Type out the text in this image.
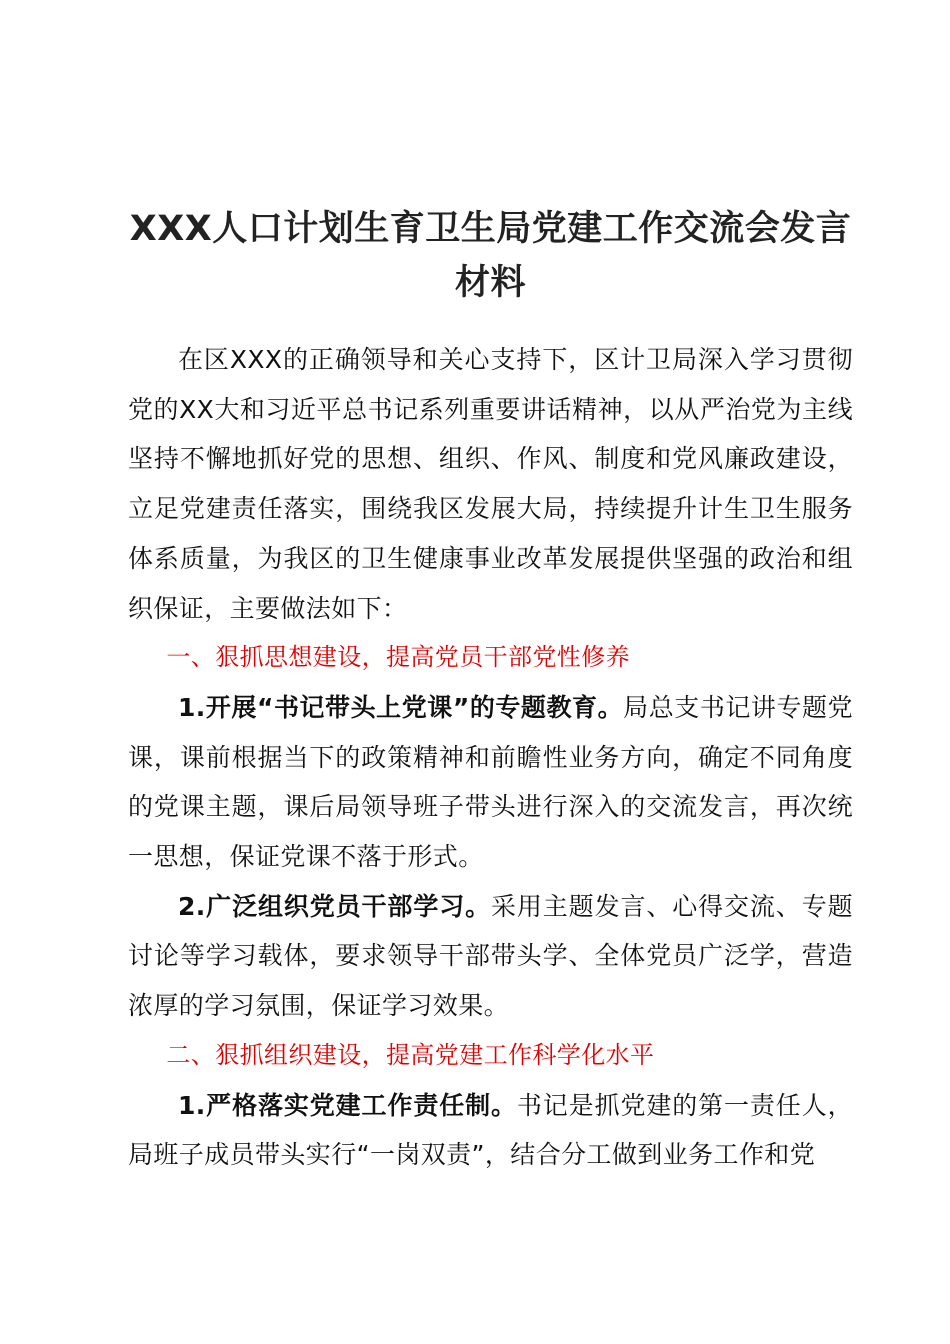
XXX人口计划生育卫生局党建工作交流会发言
材料

在区XXX的正确领导和关心支持下，区计卫局深入学习贯彻党的XX大和习近平总书记系列重要讲话精神，以从严治党为主线坚持不懈地抓好党的思想、组织、作风、制度和党风廉政建设，立足党建责任落实，围绕我区发展大局，持续提升计生卫生服务体系质量，为我区的卫生健康事业改革发展提供坚强的政治和组织保证，主要做法如下：

一、狠抓思想建设，提高党员干部党性修养

1.开展“书记带头上党课”的专题教育。局总支书记讲专题党课，课前根据当下的政策精神和前瞻性业务方向，确定不同角度的党课主题，课后局领导班子带头进行深入的交流发言，再次统一思想，保证党课不落于形式。

2.广泛组织党员干部学习。采用主题发言、心得交流、专题讨论等学习载体，要求领导干部带头学、全体党员广泛学，营造浓厚的学习氛围，保证学习效果。

二、狠抓组织建设，提高党建工作科学化水平

1.严格落实党建工作责任制。书记是抓党建的第一责任人，局班子成员带头实行“一岗双责”，结合分工做到业务工作和党
